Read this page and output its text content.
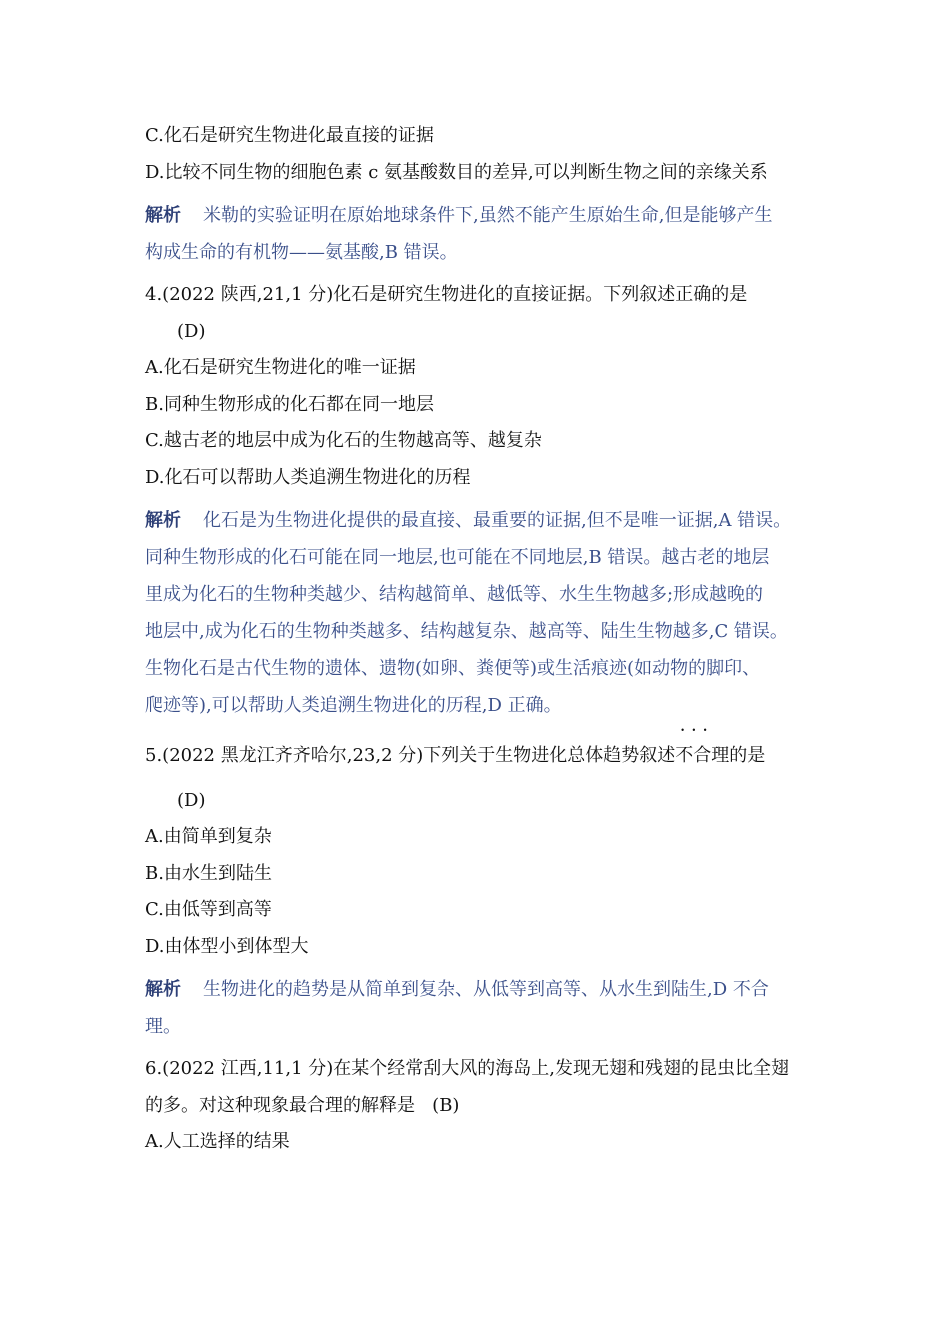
C.化石是研究生物进化最直接的证据
D.比较不同生物的细胞色素 c 氨基酸数目的差异,可以判断生物之间的亲缘关系
解析 米勒的实验证明在原始地球条件下,虽然不能产生原始生命,但是能够产生
构成生命的有机物——氨基酸,B 错误。
4.(2022 陕西,21,1 分)化石是研究生物进化的直接证据。下列叙述正确的是
(D)
A.化石是研究生物进化的唯一证据
B.同种生物形成的化石都在同一地层
C.越古老的地层中成为化石的生物越高等、越复杂
D.化石可以帮助人类追溯生物进化的历程
解析 化石是为生物进化提供的最直接、最重要的证据,但不是唯一证据,A 错误。
同种生物形成的化石可能在同一地层,也可能在不同地层,B 错误。越古老的地层
里成为化石的生物种类越少、结构越简单、越低等、水生生物越多;形成越晚的
地层中,成为化石的生物种类越多、结构越复杂、越高等、陆生生物越多,C 错误。
生物化石是古代生物的遗体、遗物(如卵、粪便等)或生活痕迹(如动物的脚印、
爬迹等),可以帮助人类追溯生物进化的历程,D 正确。
5.(2022 黑龙江齐齐哈尔,23,2 分)下列关于生物进化总体趋势叙述• • • 不合理的是
(D)
A.由简单到复杂
B.由水生到陆生
C.由低等到高等
D.由体型小到体型大
解析 生物进化的趋势是从简单到复杂、从低等到高等、从水生到陆生,D 不合
理。
6.(2022 江西,11,1 分)在某个经常刮大风的海岛上,发现无翅和残翅的昆虫比全翅
的多。对这种现象最合理的解释是 (B)
A.人工选择的结果
